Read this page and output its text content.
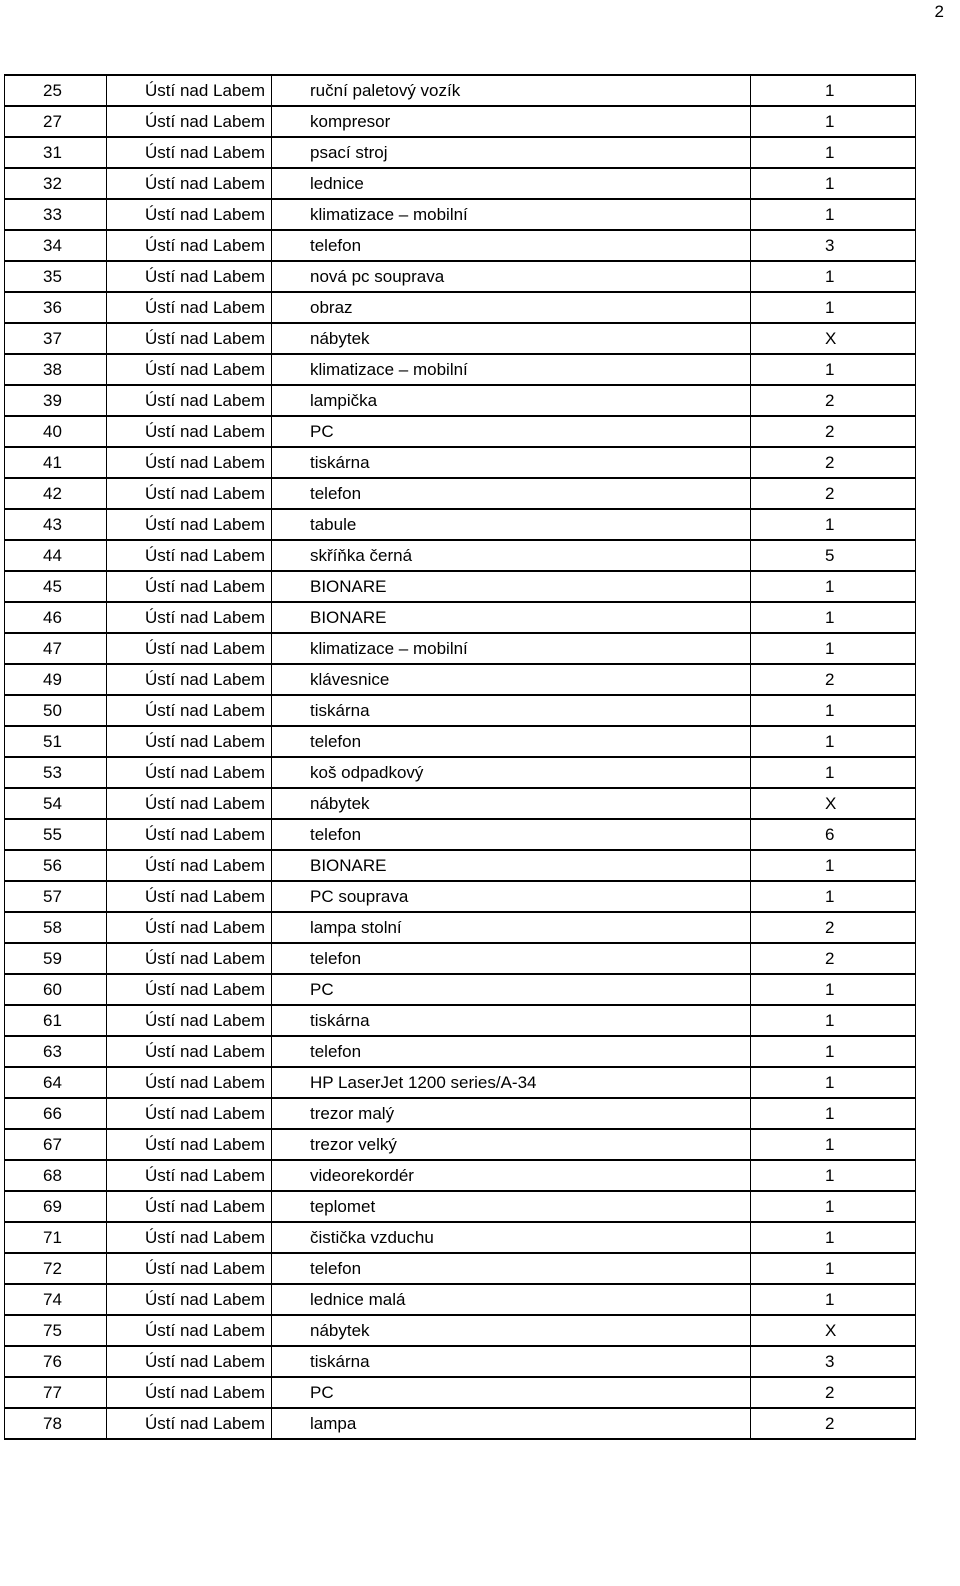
2
25	Ústí nad Labem	ruční paletový vozík	1
27	Ústí nad Labem	kompresor	1
31	Ústí nad Labem	psací stroj	1
32	Ústí nad Labem	lednice	1
33	Ústí nad Labem	klimatizace – mobilní	1
34	Ústí nad Labem	telefon	3
35	Ústí nad Labem	nová pc souprava	1
36	Ústí nad Labem	obraz	1
37	Ústí nad Labem	nábytek	X
38	Ústí nad Labem	klimatizace – mobilní	1
39	Ústí nad Labem	lampička	2
40	Ústí nad Labem	PC	2
41	Ústí nad Labem	tiskárna	2
42	Ústí nad Labem	telefon	2
43	Ústí nad Labem	tabule	1
44	Ústí nad Labem	skříňka černá	5
45	Ústí nad Labem	BIONARE	1
46	Ústí nad Labem	BIONARE	1
47	Ústí nad Labem	klimatizace – mobilní	1
49	Ústí nad Labem	klávesnice	2
50	Ústí nad Labem	tiskárna	1
51	Ústí nad Labem	telefon	1
53	Ústí nad Labem	koš odpadkový	1
54	Ústí nad Labem	nábytek	X
55	Ústí nad Labem	telefon	6
56	Ústí nad Labem	BIONARE	1
57	Ústí nad Labem	PC souprava	1
58	Ústí nad Labem	lampa stolní	2
59	Ústí nad Labem	telefon	2
60	Ústí nad Labem	PC	1
61	Ústí nad Labem	tiskárna	1
63	Ústí nad Labem	telefon	1
64	Ústí nad Labem	HP LaserJet 1200 series/A-34	1
66	Ústí nad Labem	trezor malý	1
67	Ústí nad Labem	trezor velký	1
68	Ústí nad Labem	videorekordér	1
69	Ústí nad Labem	teplomet	1
71	Ústí nad Labem	čistička vzduchu	1
72	Ústí nad Labem	telefon	1
74	Ústí nad Labem	lednice malá	1
75	Ústí nad Labem	nábytek	X
76	Ústí nad Labem	tiskárna	3
77	Ústí nad Labem	PC	2
78	Ústí nad Labem	lampa	2
